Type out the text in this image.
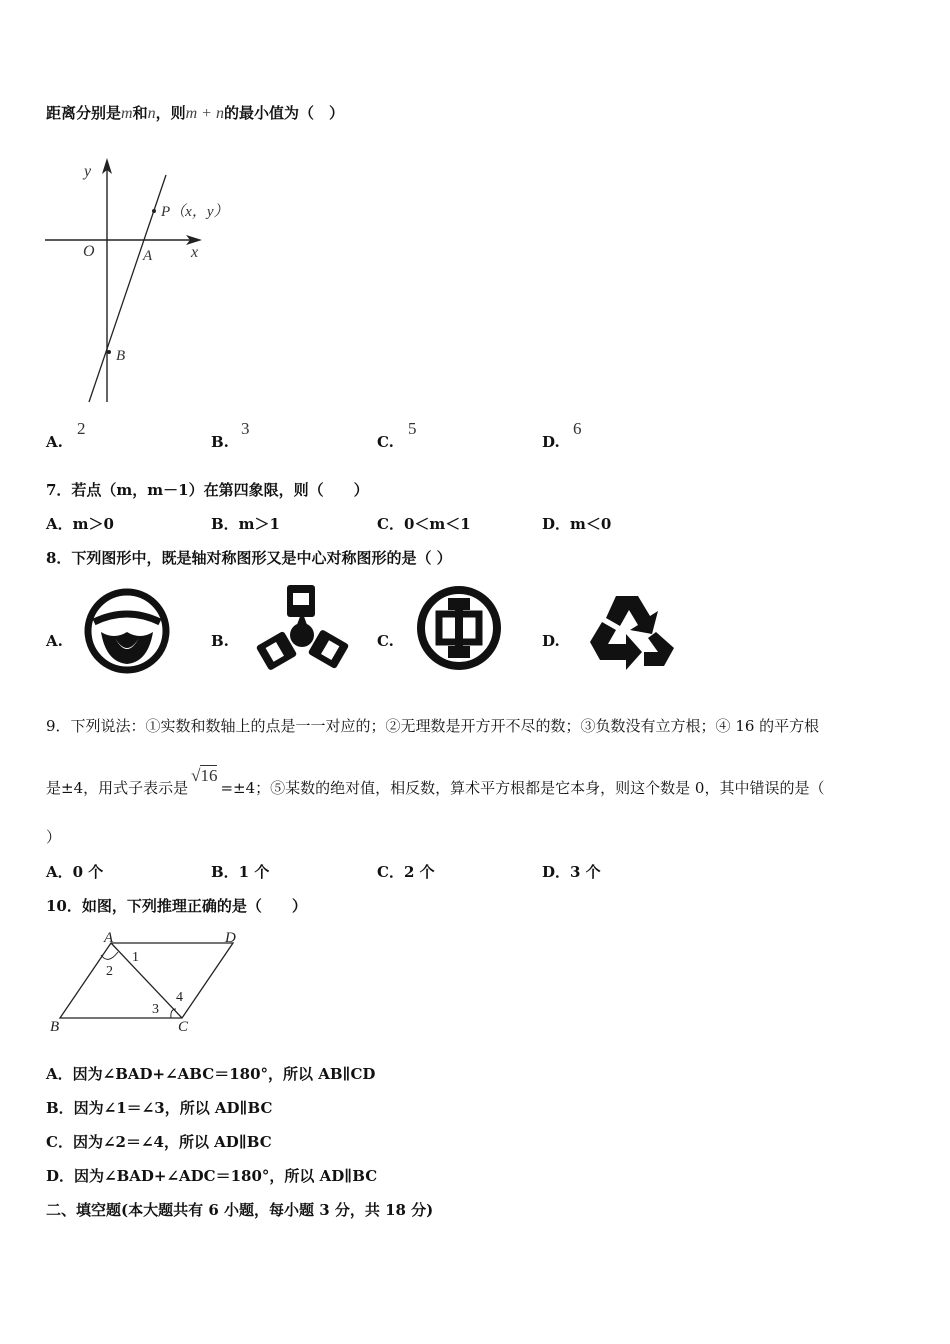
距离分别是m和n，则m + n的最小值为（　）
y
O	A x
B
P（x，y）
A.
2
B.
3
C.
5
D.
6
7．若点（m，m－1）在第四象限，则（　　）
A．m＞0	B．m＞1	C．0＜m＜1	D．m＜0
8．下列图形中，既是轴对称图形又是中心对称图形的是（ ）
A.	B.	C.	D.
9．下列说法：①实数和数轴上的点是一一对应的；②无理数是开方开不尽的数；③负数没有立方根；④ 16 的平方根
是±4，用式子表示是√16=±4；⑤某数的绝对值，相反数，算术平方根都是它本身，则这个数是 0，其中错误的是（
）
A．0 个	B．1 个	C．2 个	D．3 个
10．如图，下列推理正确的是（　　）
A	D
B	C
1
2
3
4
A．因为∠BAD+∠ABC＝180°，所以 AB∥CD
B．因为∠1＝∠3，所以 AD∥BC
C．因为∠2＝∠4，所以 AD∥BC
D．因为∠BAD+∠ADC＝180°，所以 AD∥BC
二、填空题(本大题共有 6 小题，每小题 3 分，共 18 分)
